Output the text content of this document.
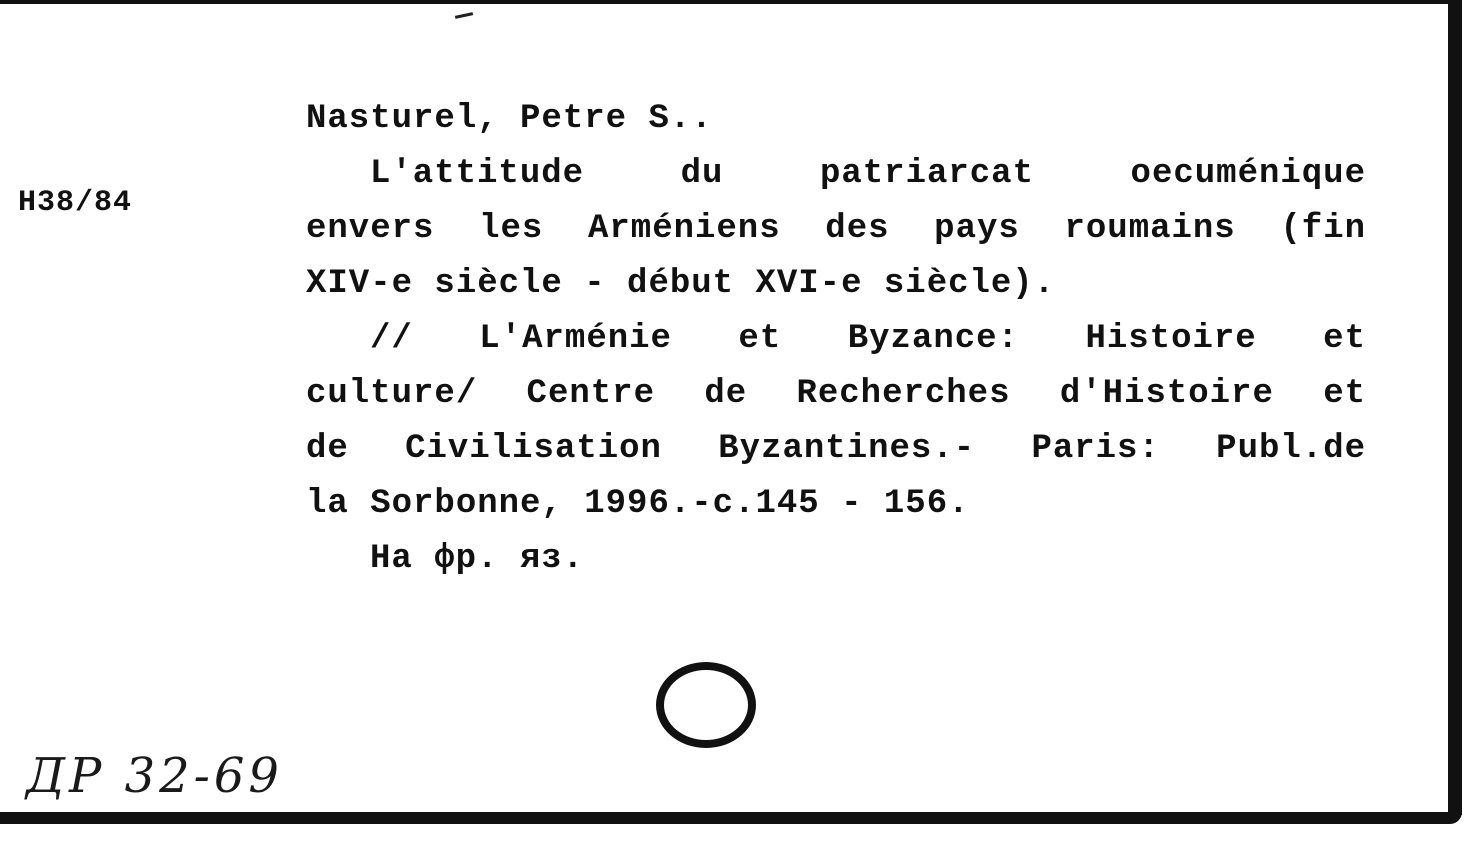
H38/84
Nasturel, Petre S..
L'attitude du patriarcat oecuménique
envers les Arméniens des pays roumains (fin
XIV-e siècle - début XVI-e siècle).
// L'Arménie et Byzance: Histoire et
culture/ Centre de Recherches d'Histoire et
de Civilisation Byzantines.- Paris: Publ.de
la Sorbonne, 1996.-c.145 - 156.
На фр. яз.
ДР 32-69
